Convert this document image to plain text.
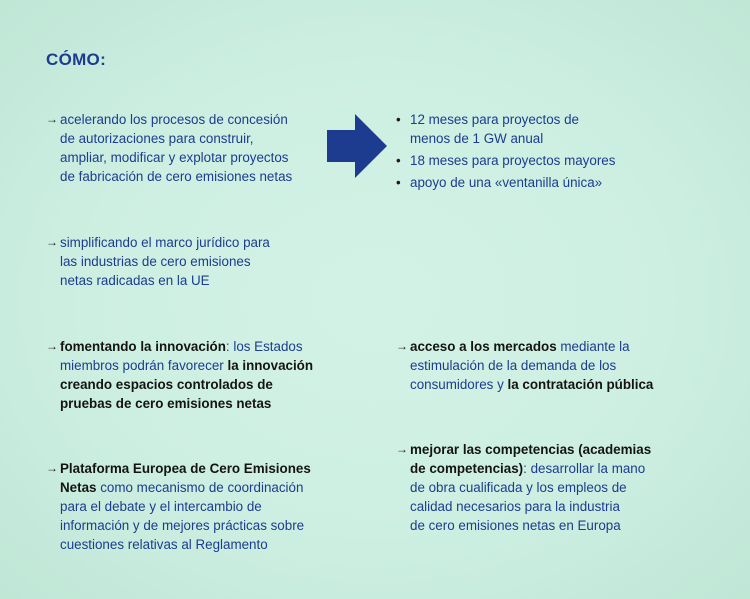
CÓMO:
→ acelerando los procesos de concesión
de autorizaciones para construir,
ampliar, modificar y explotar proyectos
de fabricación de cero emisiones netas
• 12 meses para proyectos de
menos de 1 GW anual
• 18 meses para proyectos mayores
• apoyo de una «ventanilla única»
→ simplificando el marco jurídico para
las industrias de cero emisiones
netas radicadas en la UE
→ fomentando la innovación: los Estados
miembros podrán favorecer la innovación
creando espacios controlados de
pruebas de cero emisiones netas
→ acceso a los mercados mediante la
estimulación de la demanda de los
consumidores y la contratación pública
→ Plataforma Europea de Cero Emisiones
Netas como mecanismo de coordinación
para el debate y el intercambio de
información y de mejores prácticas sobre
cuestiones relativas al Reglamento
→ mejorar las competencias (academias
de competencias): desarrollar la mano
de obra cualificada y los empleos de
calidad necesarios para la industria
de cero emisiones netas en Europa
